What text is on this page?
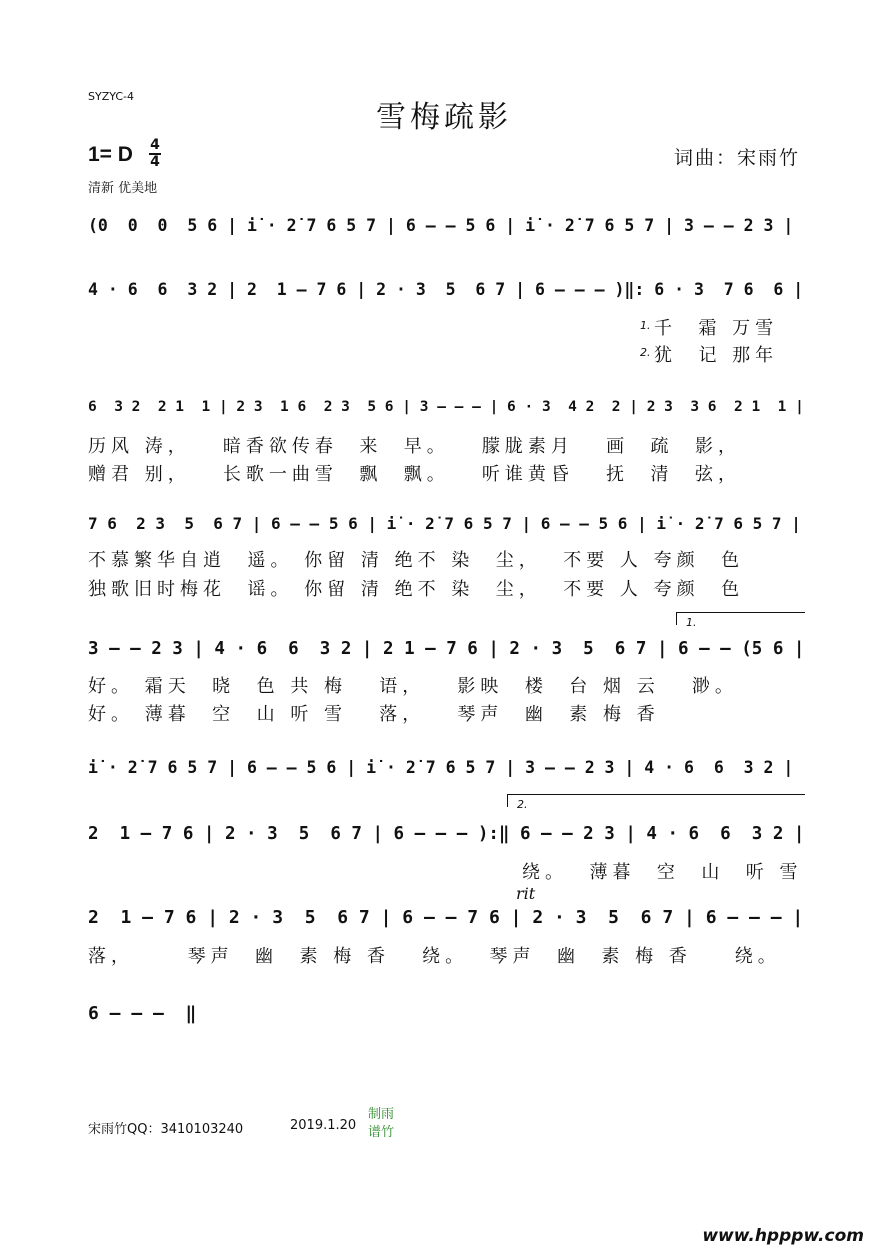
SYZYC-4
雪梅疏影
1= D 4
4
清新 优美地
词曲：宋雨竹
(0  0  0  5 6 | i̇ · 2̇ 7 6 5 7 | 6 – – 5 6 | i̇ · 2̇ 7 6 5 7 | 3 – – 2 3 |
4 · 6  6  3 2 | 2  1 – 7 6 | 2 · 3  5  6 7 | 6 – – – )‖: 6 · 3  7 6  6 |
1. 千  霜 万雪
2. 犹  记 那年
6  3 2  2 1  1 | 2 3  1 6  2 3  5 6 | 3 – – – | 6 · 3  4 2  2 | 2 3  3 6  2 1  1 |
历风 涛，   暗香欲传春  来  早。   朦胧素月   画  疏  影，
赠君 别，   长歌一曲雪  飘  飘。   听谁黄昏   抚  清  弦，
7 6  2 3  5  6 7 | 6 – – 5 6 | i̇ · 2̇ 7 6 5 7 | 6 – – 5 6 | i̇ · 2̇ 7 6 5 7 |
不慕繁华自逍  遥。 你留 清 绝不 染  尘，  不要 人 夸颜  色
独歌旧时梅花  谣。 你留 清 绝不 染  尘，  不要 人 夸颜  色
1.
3 – – 2 3 | 4 · 6  6  3 2 | 2 1 – 7 6 | 2 · 3  5  6 7 | 6 – – (5 6 |
好。 霜天  晓  色 共 梅   语，   影映  楼  台 烟 云   渺。
好。 薄暮  空  山 听 雪   落，   琴声  幽  素 梅 香
i̇ · 2̇ 7 6 5 7 | 6 – – 5 6 | i̇ · 2̇ 7 6 5 7 | 3 – – 2 3 | 4 · 6  6  3 2 |
2.
2  1 – 7 6 | 2 · 3  5  6 7 | 6 – – – ):‖ 6 – – 2 3 | 4 · 6  6  3 2 |
绕。  薄暮  空  山  听 雪
rit
2  1 – 7 6 | 2 · 3  5  6 7 | 6 – – 7 6 | 2 · 3  5  6 7 | 6 – – – |
落，     琴声  幽  素 梅 香   绕。  琴声  幽  素 梅 香    绕。
6 – – –  ‖
宋雨竹QQ：3410103240	2019.1.20
制雨谱竹
www.hpppw.com
